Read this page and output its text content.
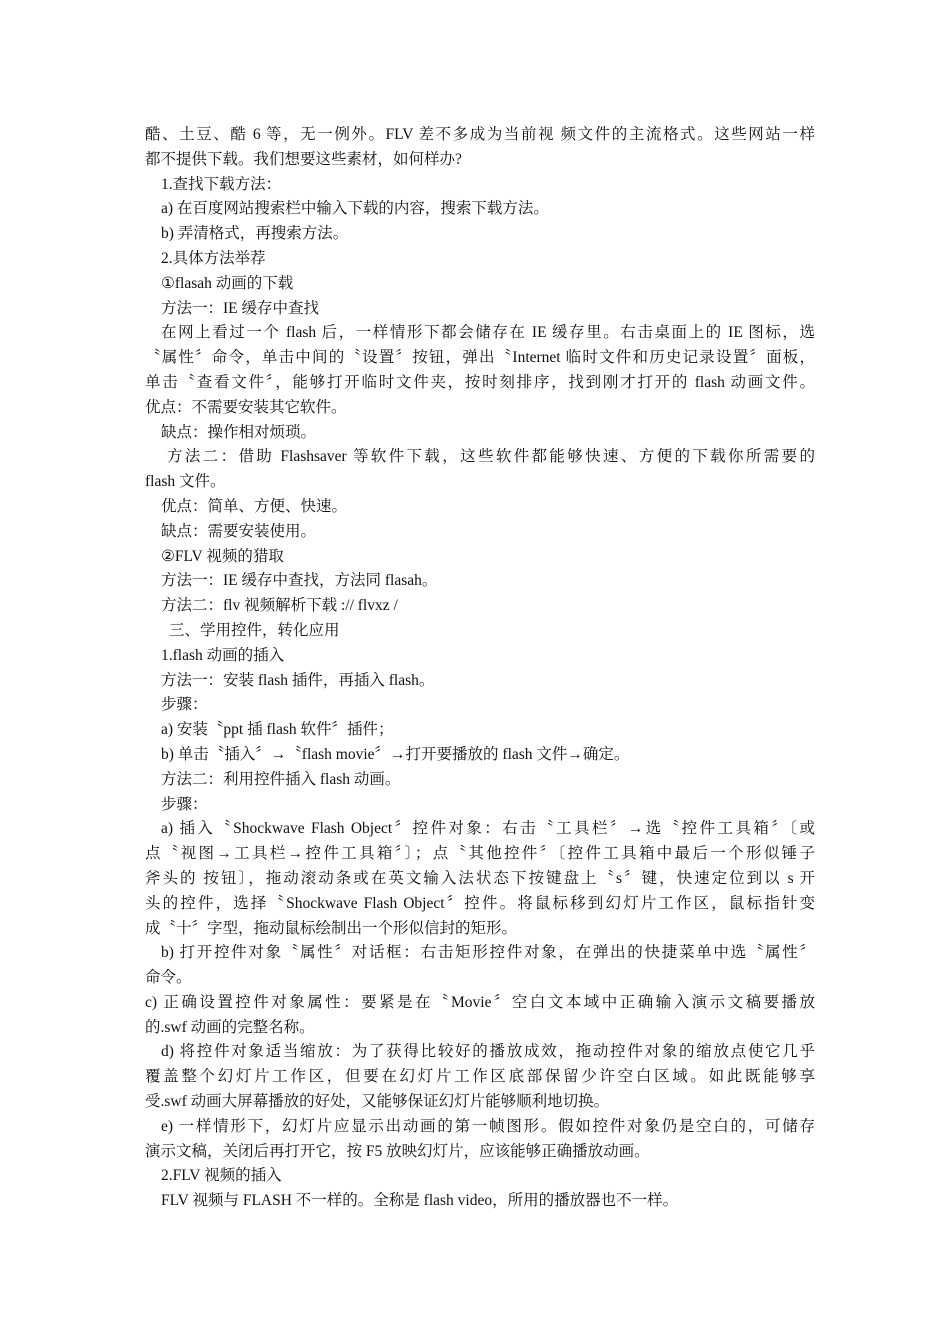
酷、土豆、酷 6 等，无一例外。FLV 差不多成为当前视 频文件的主流格式。这些网站一样
都不提供下载。我们想要这些素材，如何样办?
1.查找下载方法：
a) 在百度网站搜索栏中输入下载的内容，搜索下载方法。
b) 弄清格式，再搜索方法。
2.具体方法举荐
①flasah 动画的下载
方法一：IE 缓存中查找
在网上看过一个 flash 后，一样情形下都会储存在 IE 缓存里。右击桌面上的 IE 图标，选
〝属性〞命令，单击中间的〝设置〞按钮，弹出〝Internet 临时文件和历史记录设置〞面板，
单击〝查看文件〞，能够打开临时文件夹，按时刻排序，找到刚才打开的 flash 动画文件。
优点：不需要安装其它软件。
缺点：操作相对烦琐。
方法二：借助 Flashsaver 等软件下载，这些软件都能够快速、方便的下载你所需要的
flash 文件。
优点：简单、方便、快速。
缺点：需要安装使用。
②FLV 视频的猎取
方法一：IE 缓存中查找，方法同 flasah。
方法二：flv 视频解析下载 :// flvxz /
三、学用控件，转化应用
1.flash 动画的插入
方法一：安装 flash 插件，再插入 flash。
步骤：
a) 安装〝ppt 插 flash 软件〞插件；
b) 单击〝插入〞→〝flash movie〞→打开要播放的 flash 文件→确定。
方法二：利用控件插入 flash 动画。
步骤：
a) 插入〝Shockwave Flash Object〞控件对象：右击〝工具栏〞→选〝控件工具箱〞〔或
点〝视图→工具栏→控件工具箱〞〕；点〝其他控件〞〔控件工具箱中最后一个形似锤子
斧头的 按钮〕，拖动滚动条或在英文输入法状态下按键盘上〝s〞键，快速定位到以 s 开
头的控件，选择〝Shockwave Flash Object〞控件。将鼠标移到幻灯片工作区，鼠标指针变
成〝十〞字型，拖动鼠标绘制出一个形似信封的矩形。
b) 打开控件对象〝属性〞对话框：右击矩形控件对象，在弹出的快捷菜单中选〝属性〞
命令。
c) 正确设置控件对象属性：要紧是在〝Movie〞空白文本域中正确输入演示文稿要播放
的.swf 动画的完整名称。
d) 将控件对象适当缩放：为了获得比较好的播放成效，拖动控件对象的缩放点使它几乎
覆盖整个幻灯片工作区，但要在幻灯片工作区底部保留少许空白区域。如此既能够享
受.swf 动画大屏幕播放的好处，又能够保证幻灯片能够顺利地切换。
e) 一样情形下，幻灯片应显示出动画的第一帧图形。假如控件对象仍是空白的，可储存
演示文稿，关闭后再打开它，按 F5 放映幻灯片，应该能够正确播放动画。
2.FLV 视频的插入
FLV 视频与 FLASH 不一样的。全称是 flash video，所用的播放器也不一样。
